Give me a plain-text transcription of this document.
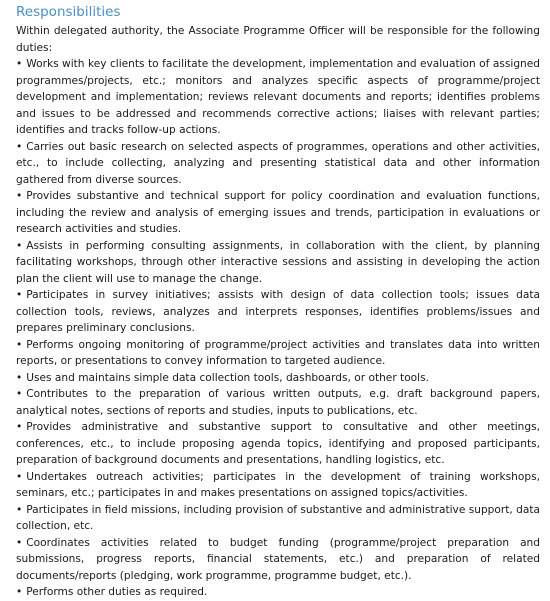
Responsibilities

Within delegated authority, the Associate Programme Officer will be responsible for the following duties:

• Works with key clients to facilitate the development, implementation and evaluation of assigned programmes/projects, etc.; monitors and analyzes specific aspects of programme/project development and implementation; reviews relevant documents and reports; identifies problems and issues to be addressed and recommends corrective actions; liaises with relevant parties; identifies and tracks follow-up actions.
• Carries out basic research on selected aspects of programmes, operations and other activities, etc., to include collecting, analyzing and presenting statistical data and other information gathered from diverse sources.
• Provides substantive and technical support for policy coordination and evaluation functions, including the review and analysis of emerging issues and trends, participation in evaluations or research activities and studies.
• Assists in performing consulting assignments, in collaboration with the client, by planning facilitating workshops, through other interactive sessions and assisting in developing the action plan the client will use to manage the change.
• Participates in survey initiatives; assists with design of data collection tools; issues data collection tools, reviews, analyzes and interprets responses, identifies problems/issues and prepares preliminary conclusions.
• Performs ongoing monitoring of programme/project activities and translates data into written reports, or presentations to convey information to targeted audience.
• Uses and maintains simple data collection tools, dashboards, or other tools.
• Contributes to the preparation of various written outputs, e.g. draft background papers, analytical notes, sections of reports and studies, inputs to publications, etc.
• Provides administrative and substantive support to consultative and other meetings, conferences, etc., to include proposing agenda topics, identifying and proposed participants, preparation of background documents and presentations, handling logistics, etc.
• Undertakes outreach activities; participates in the development of training workshops, seminars, etc.; participates in and makes presentations on assigned topics/activities.
• Participates in field missions, including provision of substantive and administrative support, data collection, etc.
• Coordinates activities related to budget funding (programme/project preparation and submissions, progress reports, financial statements, etc.) and preparation of related documents/reports (pledging, work programme, programme budget, etc.).
• Performs other duties as required.
